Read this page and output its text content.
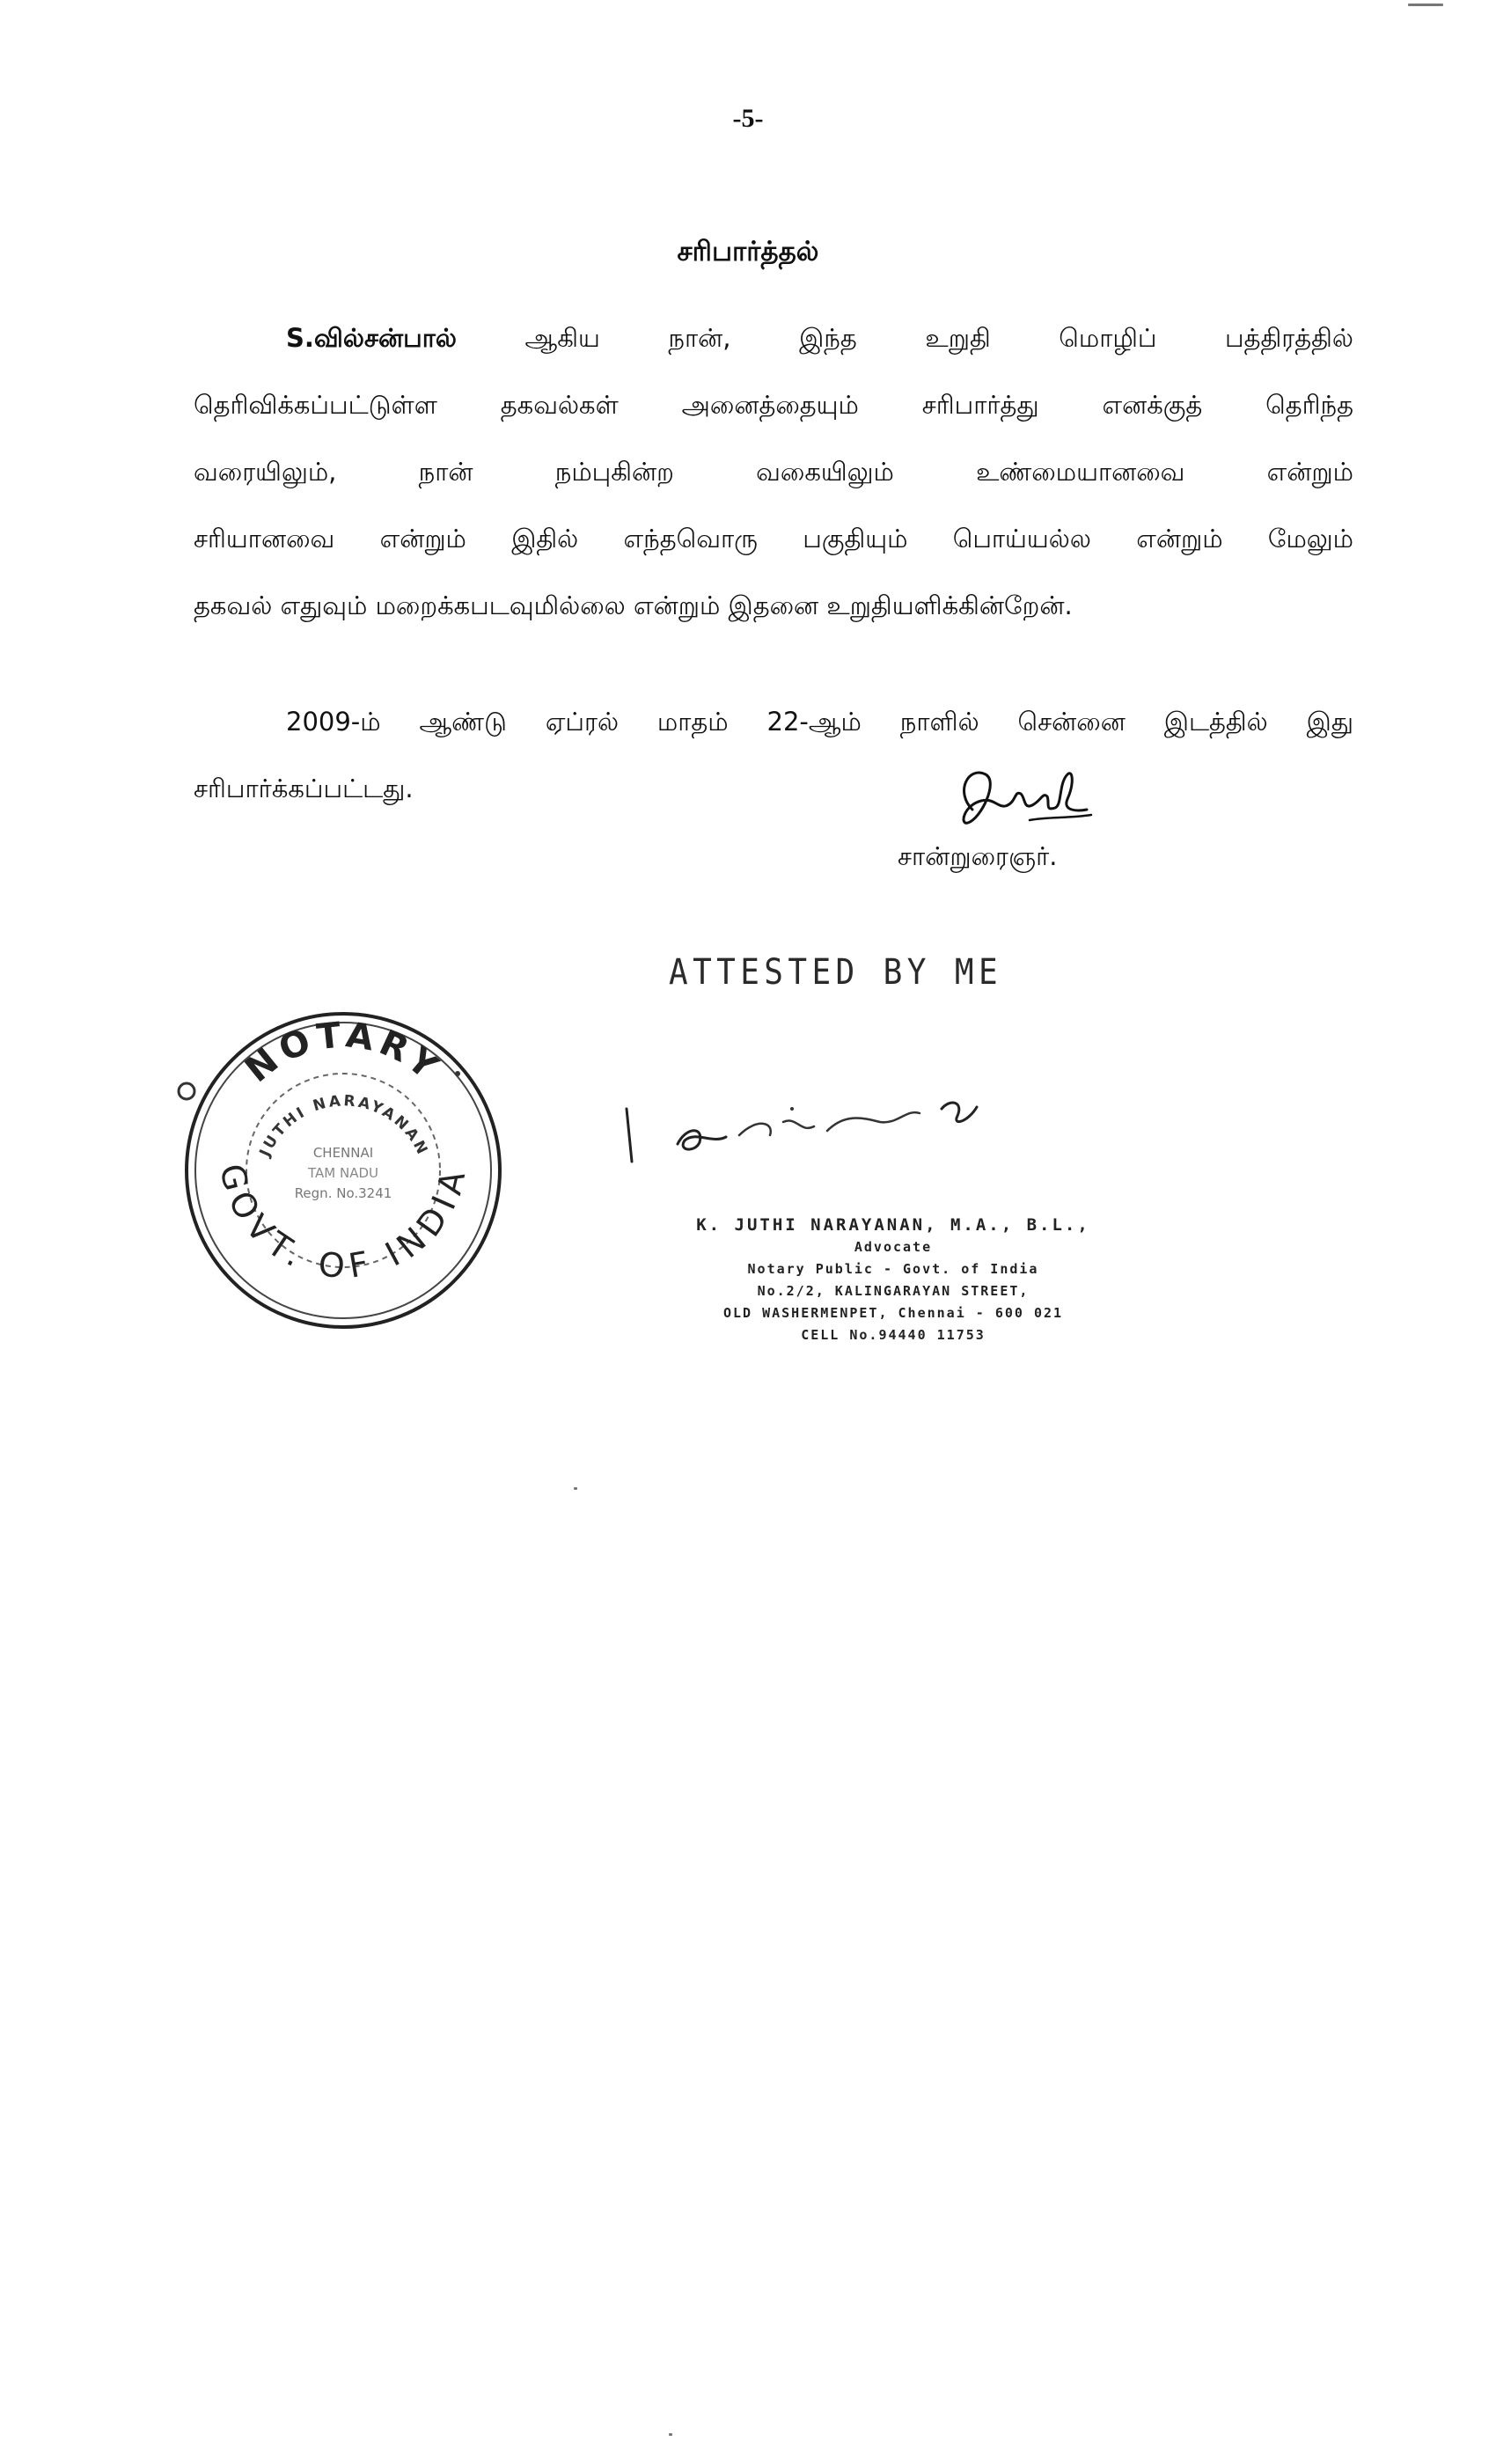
-5-
சரிபார்த்தல்
S.வில்சன்பால் ஆகிய நான், இந்த உறுதி மொழிப் பத்திரத்தில்
தெரிவிக்கப்பட்டுள்ள தகவல்கள் அனைத்தையும் சரிபார்த்து எனக்குத் தெரிந்த
வரையிலும், நான் நம்புகின்ற வகையிலும் உண்மையானவை என்றும்
சரியானவை என்றும் இதில் எந்தவொரு பகுதியும் பொய்யல்ல என்றும் மேலும்
தகவல் எதுவும் மறைக்கபடவுமில்லை என்றும் இதனை உறுதியளிக்கின்றேன்.
2009-ம் ஆண்டு ஏப்ரல் மாதம் 22-ஆம் நாளில் சென்னை இடத்தில் இது
சரிபார்க்கப்பட்டது.
சான்றுரைஞர்.
ATTESTED BY ME
NOTARY
JUTHI NARAYANAN
GOVT. OF INDIA
CHENNAI
TAM NADU
Regn. No.3241
K. JUTHI NARAYANAN, M.A., B.L.,
Advocate
Notary Public - Govt. of India
No.2/2, KALINGARAYAN STREET,
OLD WASHERMENPET, Chennai - 600 021
CELL No.94440 11753
